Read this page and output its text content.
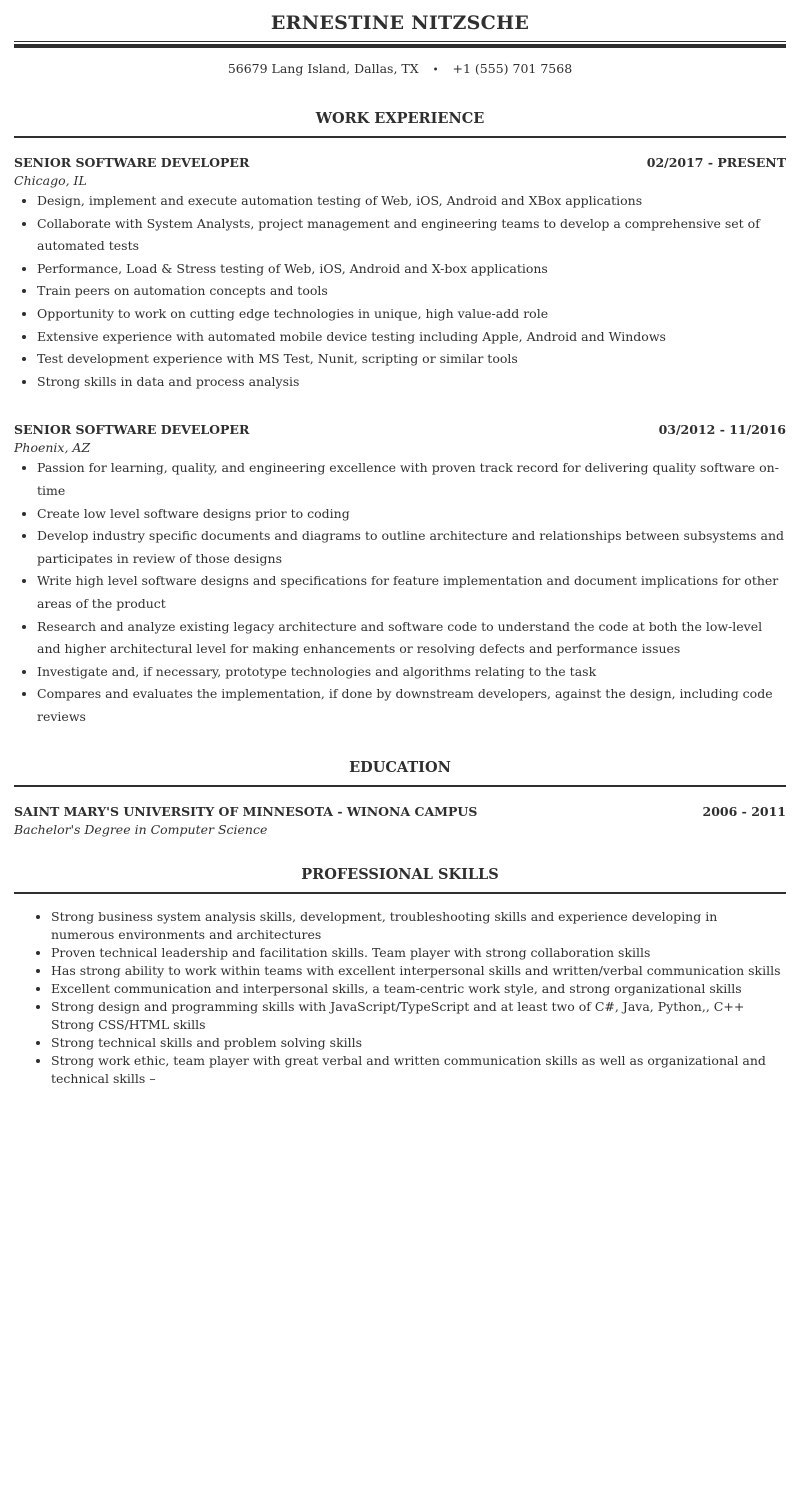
ERNESTINE NITZSCHE
56679 Lang Island, Dallas, TX • +1 (555) 701 7568
WORK EXPERIENCE
SENIOR SOFTWARE DEVELOPER	02/2017 - PRESENT
Chicago, IL
• Design, implement and execute automation testing of Web, iOS, Android and XBox applications
• Collaborate with System Analysts, project management and engineering teams to develop a comprehensive set of automated tests
• Performance, Load & Stress testing of Web, iOS, Android and X-box applications
• Train peers on automation concepts and tools
• Opportunity to work on cutting edge technologies in unique, high value-add role
• Extensive experience with automated mobile device testing including Apple, Android and Windows
• Test development experience with MS Test, Nunit, scripting or similar tools
• Strong skills in data and process analysis
SENIOR SOFTWARE DEVELOPER	03/2012 - 11/2016
Phoenix, AZ
• Passion for learning, quality, and engineering excellence with proven track record for delivering quality software on-time
• Create low level software designs prior to coding
• Develop industry specific documents and diagrams to outline architecture and relationships between subsystems and participates in review of those designs
• Write high level software designs and specifications for feature implementation and document implications for other areas of the product
• Research and analyze existing legacy architecture and software code to understand the code at both the low-level and higher architectural level for making enhancements or resolving defects and performance issues
• Investigate and, if necessary, prototype technologies and algorithms relating to the task
• Compares and evaluates the implementation, if done by downstream developers, against the design, including code reviews
EDUCATION
SAINT MARY'S UNIVERSITY OF MINNESOTA - WINONA CAMPUS	2006 - 2011
Bachelor's Degree in Computer Science
PROFESSIONAL SKILLS
• Strong business system analysis skills, development, troubleshooting skills and experience developing in numerous environments and architectures
• Proven technical leadership and facilitation skills. Team player with strong collaboration skills
• Has strong ability to work within teams with excellent interpersonal skills and written/verbal communication skills
• Excellent communication and interpersonal skills, a team-centric work style, and strong organizational skills
• Strong design and programming skills with JavaScript/TypeScript and at least two of C#, Java, Python,, C++ Strong CSS/HTML skills
• Strong technical skills and problem solving skills
• Strong work ethic, team player with great verbal and written communication skills as well as organizational and technical skills –
